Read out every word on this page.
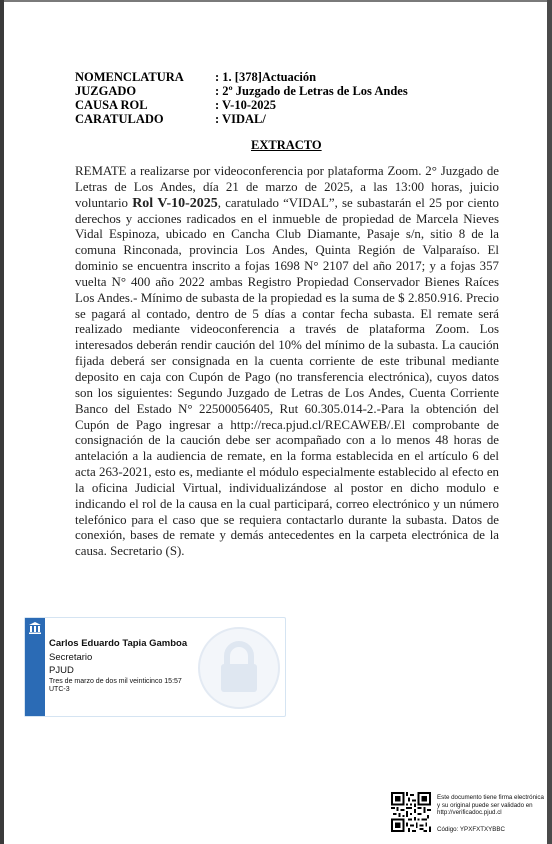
NOMENCLATURA	: 1. [378]Actuación
JUZGADO	: 2º Juzgado de Letras de Los Andes
CAUSA ROL	: V-10-2025
CARATULADO	: VIDAL/
EXTRACTO
REMATE a realizarse por videoconferencia por plataforma Zoom. 2° Juzgado de Letras de Los Andes, día 21 de marzo de 2025, a las 13:00 horas, juicio voluntario Rol V-10-2025, caratulado “VIDAL”, se subastarán el 25 por ciento derechos y acciones radicados en el inmueble de propiedad de Marcela Nieves Vidal Espinoza, ubicado en Cancha Club Diamante, Pasaje s/n, sitio 8 de la comuna Rinconada, provincia Los Andes, Quinta Región de Valparaíso. El dominio se encuentra inscrito a fojas 1698 N° 2107 del año 2017; y a fojas 357 vuelta N° 400 año 2022 ambas Registro Propiedad Conservador Bienes Raíces Los Andes.- Mínimo de subasta de la propiedad es la suma de $ 2.850.916. Precio se pagará al contado, dentro de 5 días a contar fecha subasta. El remate será realizado mediante videoconferencia a través de plataforma Zoom. Los interesados deberán rendir caución del 10% del mínimo de la subasta. La caución fijada deberá ser consignada en la cuenta corriente de este tribunal mediante deposito en caja con Cupón de Pago (no transferencia electrónica), cuyos datos son los siguientes: Segundo Juzgado de Letras de Los Andes, Cuenta Corriente Banco del Estado N° 22500056405, Rut 60.305.014-2.-Para la obtención del Cupón de Pago ingresar a http://reca.pjud.cl/RECAWEB/.El comprobante de consignación de la caución debe ser acompañado con a lo menos 48 horas de antelación a la audiencia de remate, en la forma establecida en el artículo 6 del acta 263-2021, esto es, mediante el módulo especialmente establecido al efecto en la oficina Judicial Virtual, individualizándose al postor en dicho modulo e indicando el rol de la causa en la cual participará, correo electrónico y un número telefónico para el caso que se requiera contactarlo durante la subasta. Datos de conexión, bases de remate y demás antecedentes en la carpeta electrónica de la causa. Secretario (S).
Carlos Eduardo Tapia Gamboa
Secretario
PJUD
Tres de marzo de dos mil veinticinco 15:57 UTC-3
Este documento tiene firma electrónica
y su original puede ser validado en
http://verificadoc.pjud.cl
Código: YPXFXTXYBBC
